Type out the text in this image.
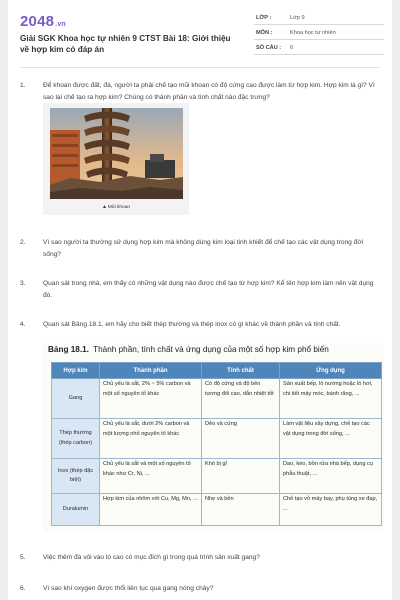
2048.vn
Giải SGK Khoa học tự nhiên 9 CTST Bài 18: Giới thiệu về hợp kim có đáp án
LỚP :	Lớp 9
MÔN :	Khoa học tự nhiên
SỐ CÂU : 6
1.	Để khoan được đất, đá, người ta phải chế tạo mũi khoan có độ cứng cao được làm từ hợp kim. Hợp kim là gì? Vì sao lại chế tạo ra hợp kim? Chúng có thành phần và tính chất nào đặc trưng?
▲Mũi khoan
2.	Vì sao người ta thường sử dụng hợp kim mà không dùng kim loại tinh khiết để chế tạo các vật dụng trong đời sống?
3.	Quan sát trong nhà, em thấy có những vật dụng nào được chế tạo từ hợp kim? Kể tên hợp kim làm nên vật dụng đó.
4.	Quan sát Bảng 18.1, em hãy cho biết thép thường và thép inox có gì khác về thành phần và tính chất.
Bảng 18.1. Thành phần, tính chất và ứng dụng của một số hợp kim phổ biến
Hợp kim	Thành phần	Tính chất	Ứng dụng
Gang	Chủ yếu là sắt, 2% ~ 5% carbon và một số nguyên tố khác	Có độ cứng và độ bền tương đối cao, dẫn nhiệt tốt	Sản xuất bếp, lò nướng hoặc lò hơi, chi tiết máy móc, bánh răng, ...
Thép thường (thép carbon)	Chủ yếu là sắt, dưới 2% carbon và một lượng nhỏ nguyên tố khác	Dẻo và cứng	Làm vật liệu xây dựng, chế tạo các vật dụng trong đời sống, ...
Inox (thép đặc biệt)	Chủ yếu là sắt và một số nguyên tố khác như Cr, Ni, ...	Khó bị gỉ	Dao, kéo, bồn rửa nhà bếp, dụng cụ phẫu thuật, ...
Duralumin	Hợp kim của nhôm với Cu, Mg, Mn, ...	Nhẹ và bền	Chế tạo vỏ máy bay, phụ tùng xe đạp, ...
5.	Việc thêm đá vôi vào lò cao có mục đích gì trong quá trình sản xuất gang?
6.	Vì sao khí oxygen được thổi liên tục qua gang nóng chảy?
